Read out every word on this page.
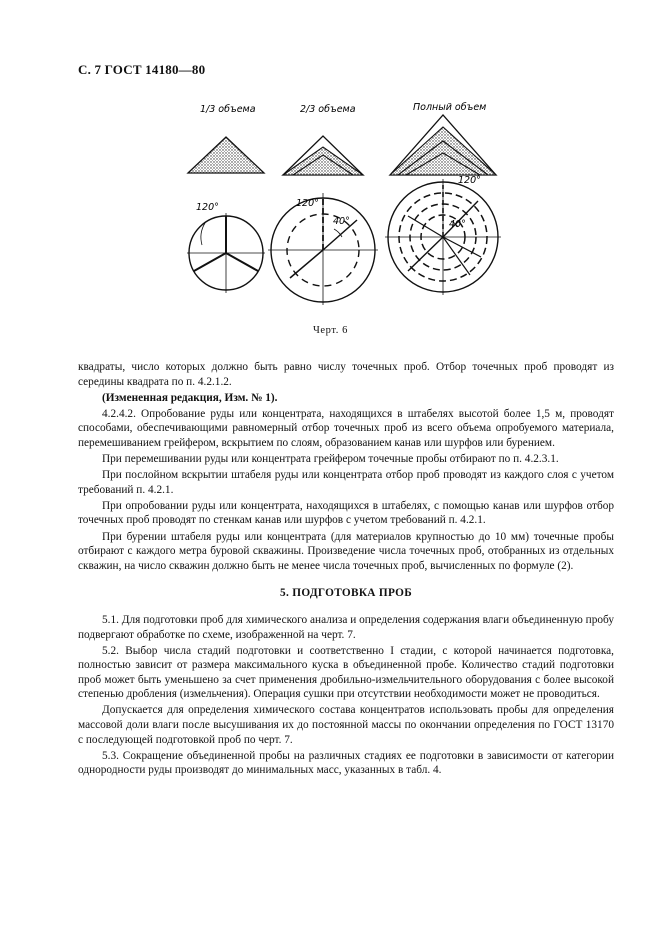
С. 7 ГОСТ 14180—80
1/3 объема	2/3 объема	Полный объем
120°	120°
40°
120°
40°
Черт. 6

квадраты, число которых должно быть равно числу точечных проб. Отбор точечных проб проводят из середины квадрата по п. 4.2.1.2.

(Измененная редакция, Изм. № 1).

4.2.4.2. Опробование руды или концентрата, находящихся в штабелях высотой более 1,5 м, проводят способами, обеспечивающими равномерный отбор точечных проб из всего объема опробуемого материала, перемешиванием грейфером, вскрытием по слоям, образованием канав или шурфов или бурением.

При перемешивании руды или концентрата грейфером точечные пробы отбирают по п. 4.2.3.1.

При послойном вскрытии штабеля руды или концентрата отбор проб проводят из каждого слоя с учетом требований п. 4.2.1.

При опробовании руды или концентрата, находящихся в штабелях, с помощью канав или шурфов отбор точечных проб проводят по стенкам канав или шурфов с учетом требований п. 4.2.1.

При бурении штабеля руды или концентрата (для материалов крупностью до 10 мм) точечные пробы отбирают с каждого метра буровой скважины. Произведение числа точечных проб, отобранных из отдельных скважин, на число скважин должно быть не менее числа точечных проб, вычисленных по формуле (2).

5. ПОДГОТОВКА ПРОБ

5.1. Для подготовки проб для химического анализа и определения содержания влаги объединенную пробу подвергают обработке по схеме, изображенной на черт. 7.

5.2. Выбор числа стадий подготовки и соответственно I стадии, с которой начинается подготовка, полностью зависит от размера максимального куска в объединенной пробе. Количество стадий подготовки проб может быть уменьшено за счет применения дробильно-измельчительного оборудования с более высокой степенью дробления (измельчения). Операция сушки при отсутствии необходимости может не проводиться.

Допускается для определения химического состава концентратов использовать пробы для определения массовой доли влаги после высушивания их до постоянной массы по окончании определения по ГОСТ 13170 с последующей подготовкой проб по черт. 7.

5.3. Сокращение объединенной пробы на различных стадиях ее подготовки в зависимости от категории однородности руды производят до минимальных масс, указанных в табл. 4.
